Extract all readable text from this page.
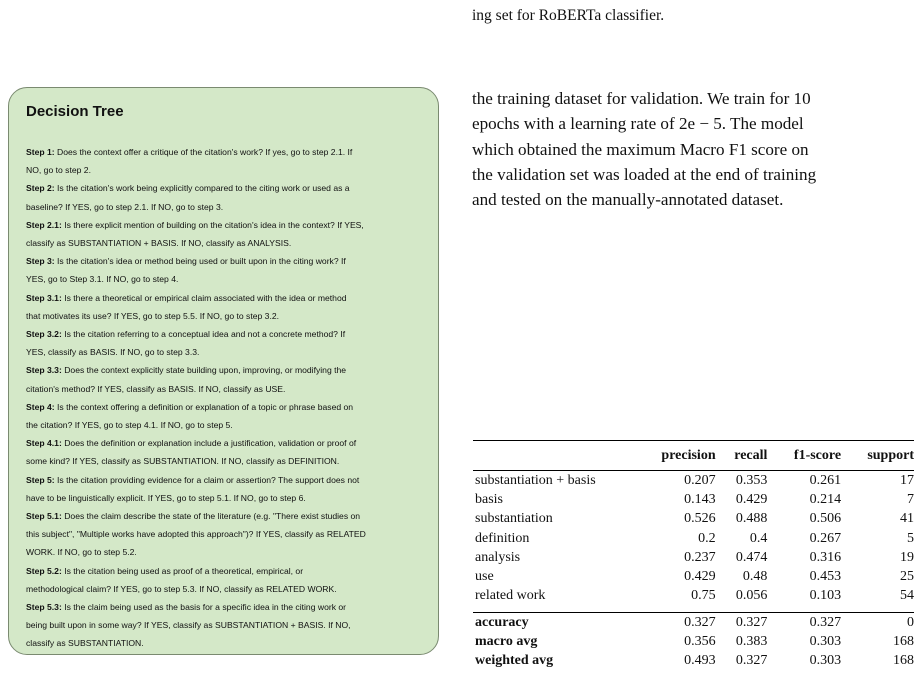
ing set for RoBERTa classifier.
Decision Tree
Step 1: Does the context offer a critique of the citation's work? If yes, go to step 2.1. If
NO, go to step 2.
Step 2: Is the citation's work being explicitly compared to the citing work or used as a
baseline? If YES, go to step 2.1. If NO, go to step 3.
Step 2.1: Is there explicit mention of building on the citation's idea in the context? If YES,
classify as SUBSTANTIATION + BASIS. If NO, classify as ANALYSIS.
Step 3: Is the citation's idea or method being used or built upon in the citing work? If
YES, go to Step 3.1. If NO, go to step 4.
Step 3.1: Is there a theoretical or empirical claim associated with the idea or method
that motivates its use? If YES, go to step 5.5. If NO, go to step 3.2.
Step 3.2: Is the citation referring to a conceptual idea and not a concrete method? If
YES, classify as BASIS. If NO, go to step 3.3.
Step 3.3: Does the context explicitly state building upon, improving, or modifying the
citation's method? If YES, classify as BASIS. If NO, classify as USE.
Step 4: Is the context offering a definition or explanation of a topic or phrase based on
the citation? If YES, go to step 4.1. If NO, go to step 5.
Step 4.1: Does the definition or explanation include a justification, validation or proof of
some kind? If YES, classify as SUBSTANTIATION. If NO, classify as DEFINITION.
Step 5: Is the citation providing evidence for a claim or assertion? The support does not
have to be linguistically explicit. If YES, go to step 5.1. If NO, go to step 6.
Step 5.1: Does the claim describe the state of the literature (e.g. "There exist studies on
this subject", "Multiple works have adopted this approach")? If YES, classify as RELATED
WORK. If NO, go to step 5.2.
Step 5.2: Is the citation being used as proof of a theoretical, empirical, or
methodological claim? If YES, go to step 5.3. If NO, classify as RELATED WORK.
Step 5.3: Is the claim being used as the basis for a specific idea in the citing work or
being built upon in some way? If YES, classify as SUBSTANTIATION + BASIS. If NO,
classify as SUBSTANTIATION.

the training dataset for validation. We train for 10

epochs with a learning rate of 2e − 5. The model

which obtained the maximum Macro F1 score on

the validation set was loaded at the end of training

and tested on the manually-annotated dataset.

	precision	recall	f1-score	support
substantiation + basis	0.207	0.353	0.261	17
basis	0.143	0.429	0.214	7
substantiation	0.526	0.488	0.506	41
definition	0.2	0.4	0.267	5
analysis	0.237	0.474	0.316	19
use	0.429	0.48	0.453	25
related work	0.75	0.056	0.103	54

accuracy	0.327	0.327	0.327	0
macro avg	0.356	0.383	0.303	168
weighted avg	0.493	0.327	0.303	168
